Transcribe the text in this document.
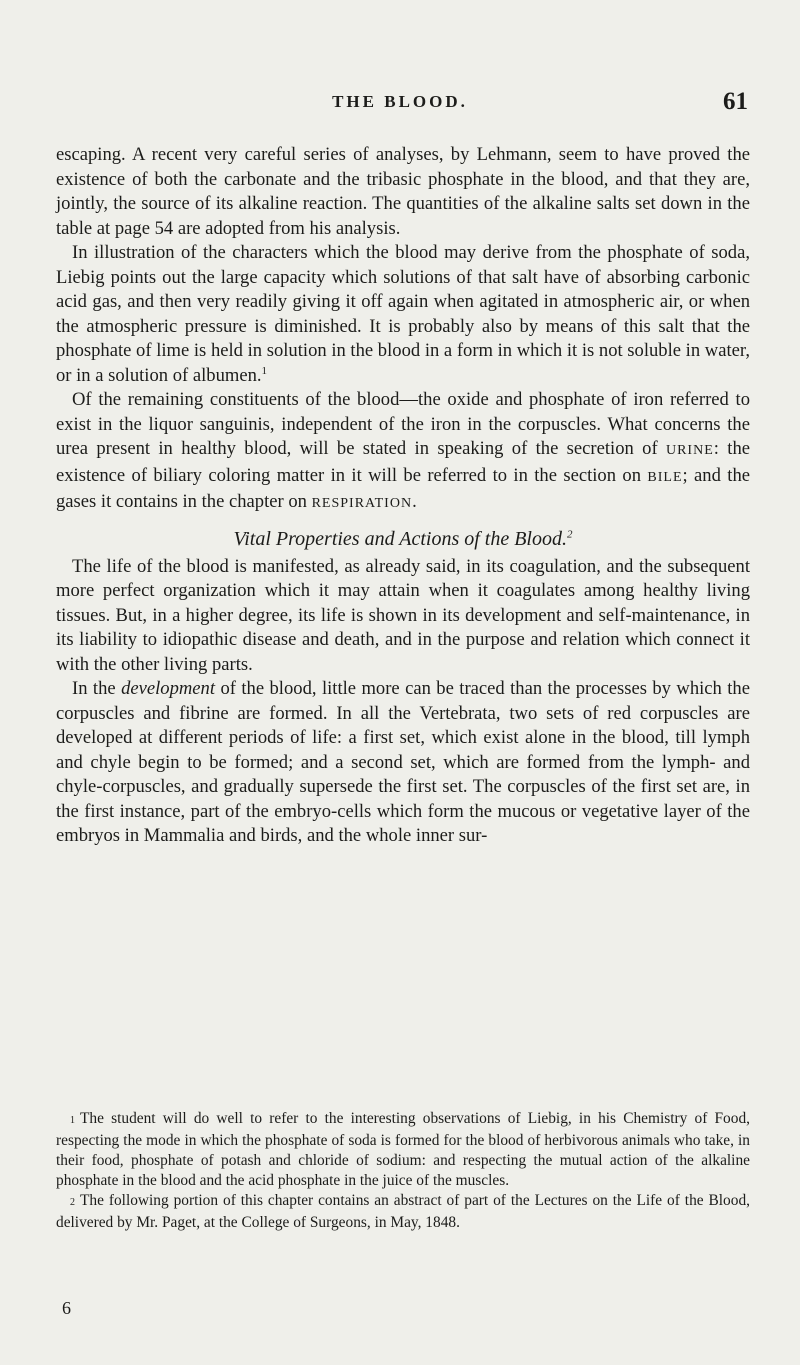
THE BLOOD.	61

escaping. A recent very careful series of analyses, by Lehmann, seem to have proved the existence of both the carbonate and the tribasic phosphate in the blood, and that they are, jointly, the source of its alkaline reaction. The quantities of the alkaline salts set down in the table at page 54 are adopted from his analysis.

In illustration of the characters which the blood may derive from the phosphate of soda, Liebig points out the large capacity which solutions of that salt have of absorbing carbonic acid gas, and then very readily giving it off again when agitated in atmospheric air, or when the atmospheric pressure is diminished. It is probably also by means of this salt that the phosphate of lime is held in solution in the blood in a form in which it is not soluble in water, or in a solution of albumen.$^1$

Of the remaining constituents of the blood—the oxide and phosphate of iron referred to exist in the liquor sanguinis, independent of the iron in the corpuscles. What concerns the urea present in healthy blood, will be stated in speaking of the secretion of URINE: the existence of biliary coloring matter in it will be referred to in the section on BILE; and the gases it contains in the chapter on RESPIRATION.

Vital Properties and Actions of the Blood.$^2$

The life of the blood is manifested, as already said, in its coagulation, and the subsequent more perfect organization which it may attain when it coagulates among healthy living tissues. But, in a higher degree, its life is shown in its development and self-maintenance, in its liability to idiopathic disease and death, and in the purpose and relation which connect it with the other living parts.

In the development of the blood, little more can be traced than the processes by which the corpuscles and fibrine are formed. In all the Vertebrata, two sets of red corpuscles are developed at different periods of life: a first set, which exist alone in the blood, till lymph and chyle begin to be formed; and a second set, which are formed from the lymph- and chyle-corpuscles, and gradually supersede the first set. The corpuscles of the first set are, in the first instance, part of the embryo-cells which form the mucous or vegetative layer of the embryos in Mammalia and birds, and the whole inner sur-

1 The student will do well to refer to the interesting observations of Liebig, in his Chemistry of Food, respecting the mode in which the phosphate of soda is formed for the blood of herbivorous animals who take, in their food, phosphate of potash and chloride of sodium: and respecting the mutual action of the alkaline phosphate in the blood and the acid phosphate in the juice of the muscles.

2 The following portion of this chapter contains an abstract of part of the Lectures on the Life of the Blood, delivered by Mr. Paget, at the College of Surgeons, in May, 1848.

6
